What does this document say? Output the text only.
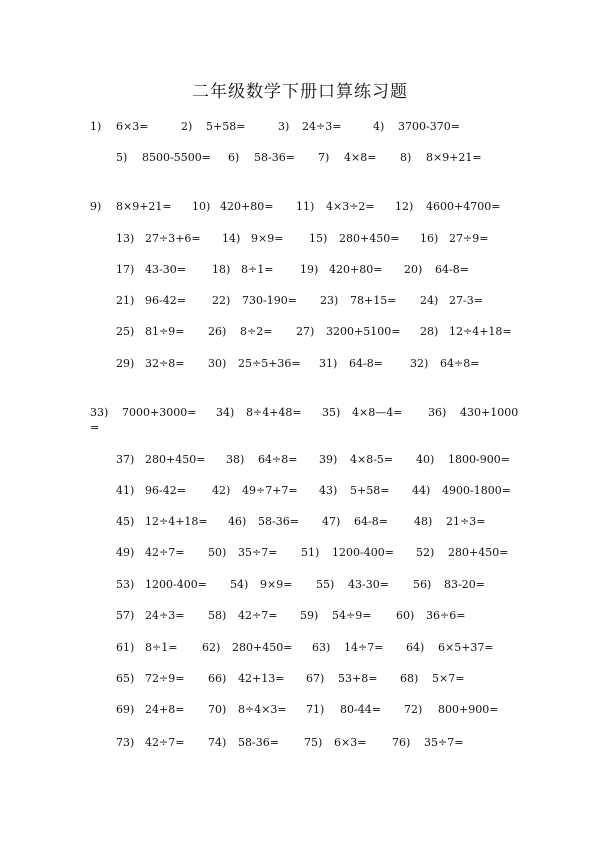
二年级数学下册口算练习题
1) 6×3=	2) 5+58=	3) 24÷3=	4) 3700-370=
5) 8500-5500= 6) 58-36= 7) 4×8= 8) 8×9+21=
9) 8×9+21= 10) 420+80= 11) 4×3÷2= 12) 4600+4700=
13) 27÷3+6= 14) 9×9= 15) 280+450= 16) 27÷9=
17) 43-30= 18) 8÷1= 19) 420+80= 20) 64-8=
21) 96-42= 22) 730-190= 23) 78+15= 24) 27-3=
25) 81÷9= 26) 8÷2= 27) 3200+5100= 28) 12÷4+18=
29) 32÷8= 30) 25÷5+36= 31) 64-8= 32) 64÷8=
33) 7000+3000= 34) 8÷4+48= 35) 4×8—4= 36) 430+1000
37) 280+450= 38) 64÷8= 39) 4×8-5= 40) 1800-900=
41) 96-42= 42) 49÷7+7= 43) 5+58= 44) 4900-1800=
45) 12÷4+18= 46) 58-36= 47) 64-8= 48) 21÷3=
49) 42÷7= 50) 35÷7= 51) 1200-400= 52) 280+450=
53) 1200-400= 54) 9×9= 55) 43-30= 56) 83-20=
57) 24÷3= 58) 42÷7= 59) 54÷9= 60) 36÷6=
61) 8÷1= 62) 280+450= 63) 14÷7= 64) 6×5+37=
65) 72÷9= 66) 42+13= 67) 53+8= 68) 5×7=
69) 24+8= 70) 8÷4×3= 71) 80-44= 72) 800+900=
73) 42÷7= 74) 58-36= 75) 6×3= 76) 35÷7=
=
